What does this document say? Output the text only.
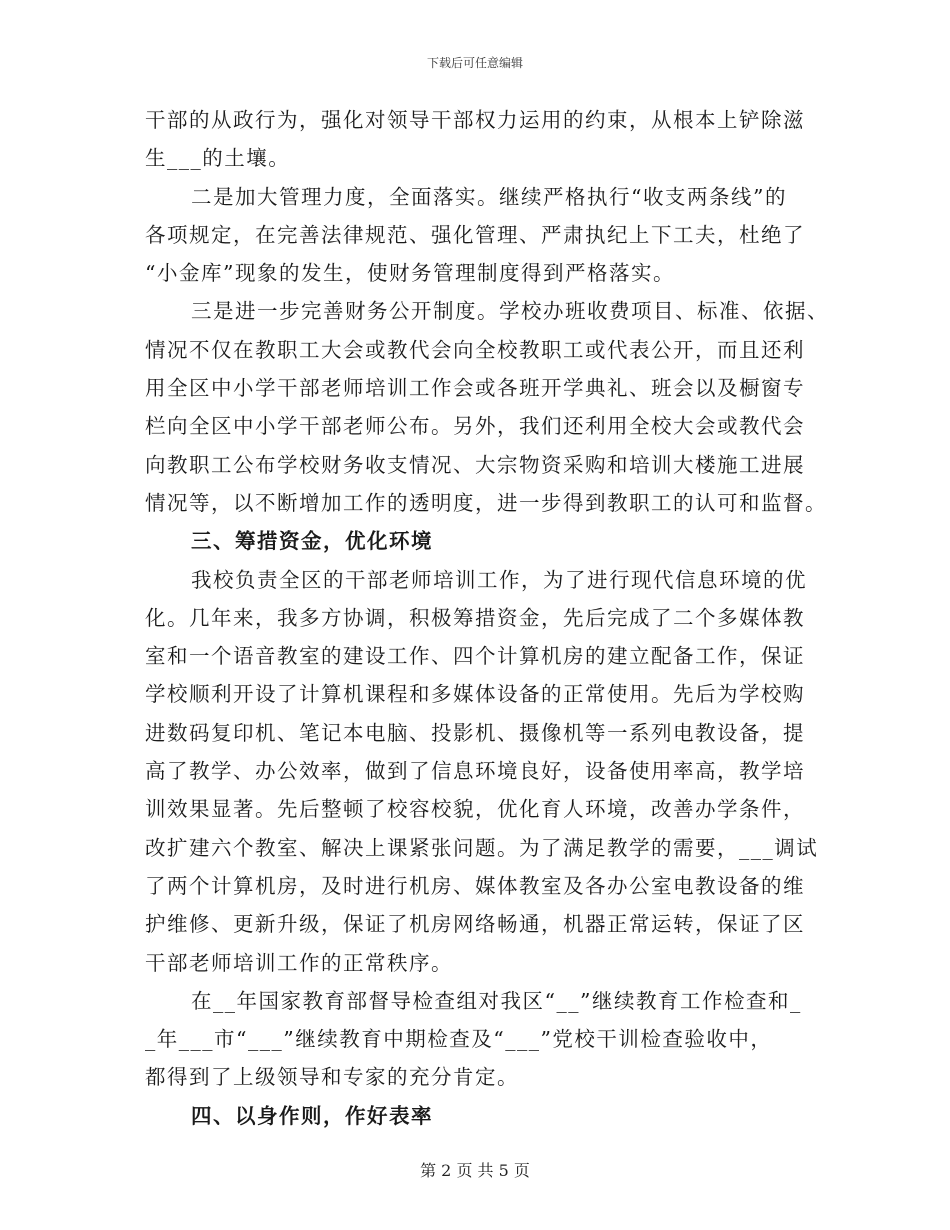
下载后可任意编辑
干部的从政行为，强化对领导干部权力运用的约束，从根本上铲除滋
生___的土壤。
二是加大管理力度，全面落实。继续严格执行“收支两条线”的
各项规定，在完善法律规范、强化管理、严肃执纪上下工夫，杜绝了
“小金库”现象的发生，使财务管理制度得到严格落实。
三是进一步完善财务公开制度。学校办班收费项目、标准、依据、
情况不仅在教职工大会或教代会向全校教职工或代表公开，而且还利
用全区中小学干部老师培训工作会或各班开学典礼、班会以及橱窗专
栏向全区中小学干部老师公布。另外，我们还利用全校大会或教代会
向教职工公布学校财务收支情况、大宗物资采购和培训大楼施工进展
情况等，以不断增加工作的透明度，进一步得到教职工的认可和监督。
三、筹措资金，优化环境
我校负责全区的干部老师培训工作，为了进行现代信息环境的优
化。几年来，我多方协调，积极筹措资金，先后完成了二个多媒体教
室和一个语音教室的建设工作、四个计算机房的建立配备工作，保证
学校顺利开设了计算机课程和多媒体设备的正常使用。先后为学校购
进数码复印机、笔记本电脑、投影机、摄像机等一系列电教设备，提
高了教学、办公效率，做到了信息环境良好，设备使用率高，教学培
训效果显著。先后整顿了校容校貌，优化育人环境，改善办学条件，
改扩建六个教室、解决上课紧张问题。为了满足教学的需要，___调试
了两个计算机房，及时进行机房、媒体教室及各办公室电教设备的维
护维修、更新升级，保证了机房网络畅通，机器正常运转，保证了区
干部老师培训工作的正常秩序。
在__年国家教育部督导检查组对我区“__”继续教育工作检查和_
_年___市“___”继续教育中期检查及“___”党校干训检查验收中，
都得到了上级领导和专家的充分肯定。
四、以身作则，作好表率
第 2 页 共 5 页
